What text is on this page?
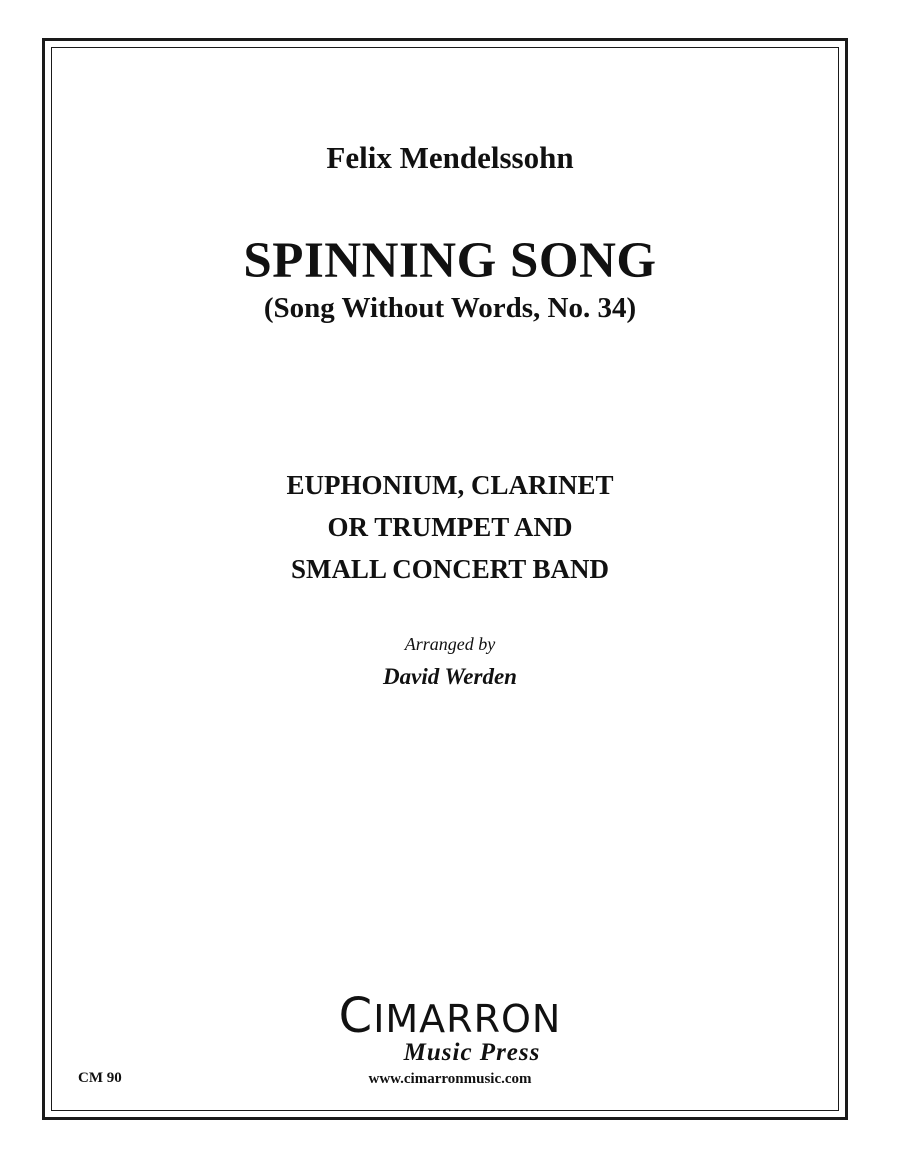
Felix Mendelssohn

SPINNING SONG

(Song Without Words, No. 34)

EUPHONIUM, CLARINET
OR TRUMPET AND
SMALL CONCERT BAND

Arranged by

David Werden

CM 90

CIMARRON
Music Press
www.cimarronmusic.com
